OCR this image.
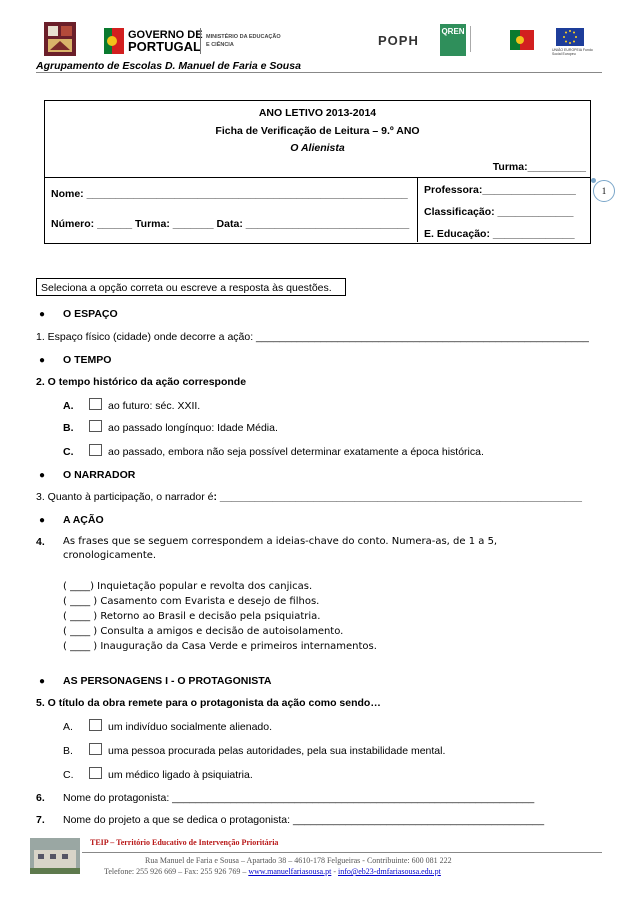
GOVERNO DE
PORTUGAL
MINISTÉRIO DA EDUCAÇÃO
E CIÊNCIA	POPH
QREN
UNIÃO EUROPEIA Fundo Social Europeu
Agrupamento de Escolas D. Manuel de Faria e Sousa
1
ANO LETIVO 2013-2014
Ficha de Verificação de Leitura – 9.º ANO
O Alienista
Turma:__________
Nome: _______________________________________________________
Número: ______ Turma: _______ Data: ____________________________
Professora:________________
Classificação: _____________
E. Educação: ______________
Seleciona a opção correta ou escreve a resposta às questões.
● O ESPAÇO
1. Espaço físico (cidade) onde decorre a ação: _________________________________________________________
● O TEMPO
2. O tempo histórico da ação corresponde
A.	ao futuro: séc. XXII.
B.	ao passado longínquo: Idade Média.
C.	ao passado, embora não seja possível determinar exatamente a época histórica.
● O NARRADOR
3. Quanto à participação, o narrador é: ______________________________________________________________
● A AÇÃO
4. As frases que se seguem correspondem a ideias-chave do conto. Numera-as, de 1 a 5,
cronologicamente.
( ____) Inquietação popular e revolta dos canjicas.
( ____ ) Casamento com Evarista e desejo de filhos.
( ____ ) Retorno ao Brasil e decisão pela psiquiatria.
( ____ ) Consulta a amigos e decisão de autoisolamento.
( ____ ) Inauguração da Casa Verde e primeiros internamentos.
● AS PERSONAGENS I - O PROTAGONISTA
5. O título da obra remete para o protagonista da ação como sendo…
A.	um indivíduo socialmente alienado.
B.	uma pessoa procurada pelas autoridades, pela sua instabilidade mental.
C.	um médico ligado à psiquiatria.
6. Nome do protagonista: ______________________________________________________________
7. Nome do projeto a que se dedica o protagonista: ___________________________________________
TEIP – Território Educativo de Intervenção Prioritária
Rua Manuel de Faria e Sousa – Apartado 38 – 4610-178 Felgueiras - Contribuinte: 600 081 222
Telefone: 255 926 669 – Fax: 255 926 769 – www.manuelfariasousa.pt - info@eb23-dmfariasousa.edu.pt
